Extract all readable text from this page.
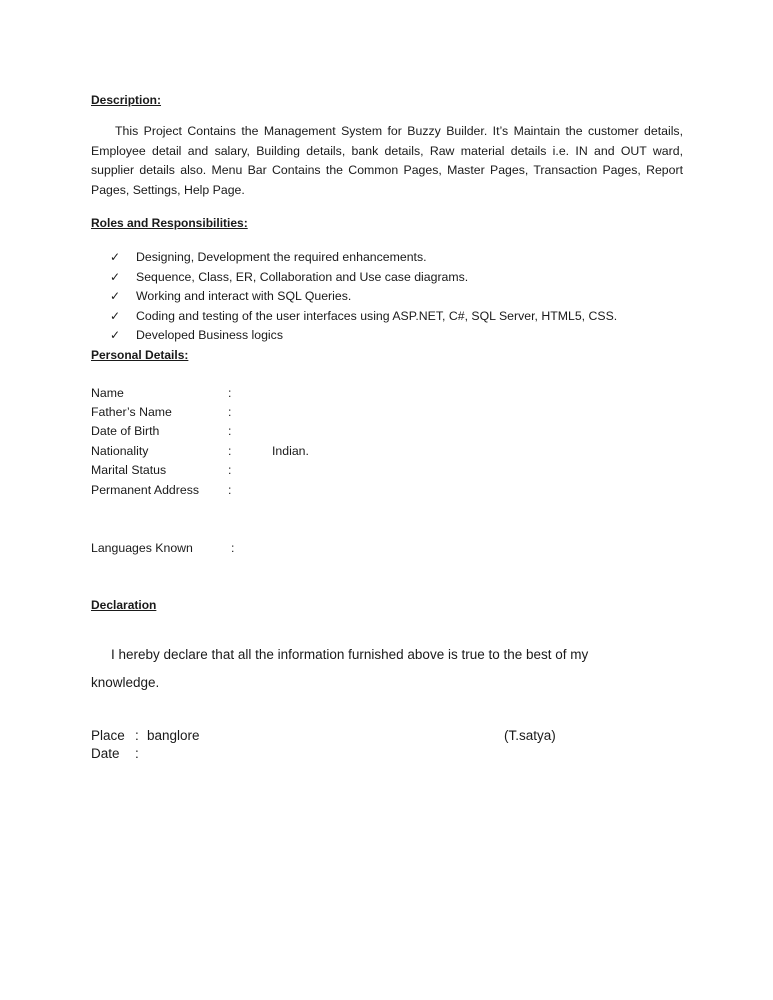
Description:

This Project Contains the Management System for Buzzy Builder. It’s Maintain the customer details, Employee detail and salary, Building details, bank details, Raw material details i.e. IN and OUT ward, supplier details also. Menu Bar Contains the Common Pages, Master Pages, Transaction Pages, Report Pages, Settings, Help Page.

Roles and Responsibilities:

✓ Designing, Development the required enhancements.
✓ Sequence, Class, ER, Collaboration and Use case diagrams.
✓ Working and interact with SQL Queries.
✓ Coding and testing of the user interfaces using ASP.NET, C#, SQL Server, HTML5, CSS.
✓ Developed Business logics

Personal Details:

Name	:
Father’s Name	:
Date of Birth	:
Nationality	:	Indian.
Marital Status	:
Permanent Address :
Languages Known	:

Declaration

I hereby declare that all the information furnished above is true to the best of my knowledge.

Place : banglore
Date :

(T.satya)
